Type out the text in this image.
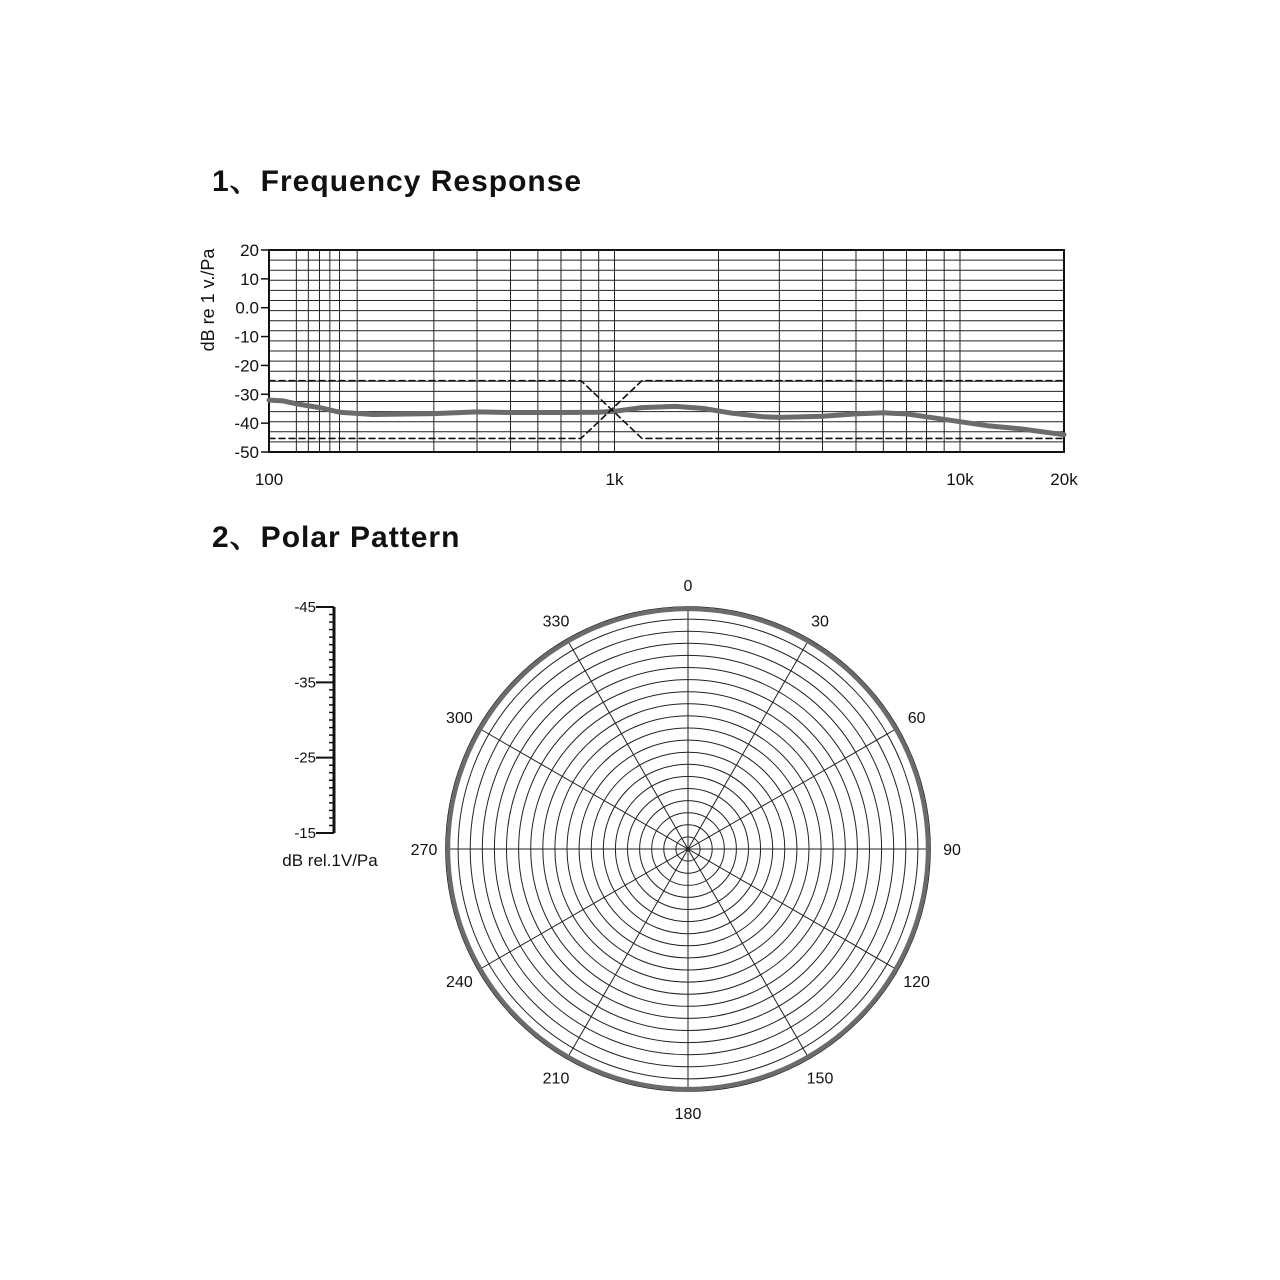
1、Frequency Response
2、Polar Pattern
20
10
0.0
-10
-20
-30
-40
-50
100	1k	10k	20k
dB re 1 v./Pa
0
30
60
90
120
150
180
210
240
270
300
330
-45
-35
-25
-15
dB rel.1V/Pa
